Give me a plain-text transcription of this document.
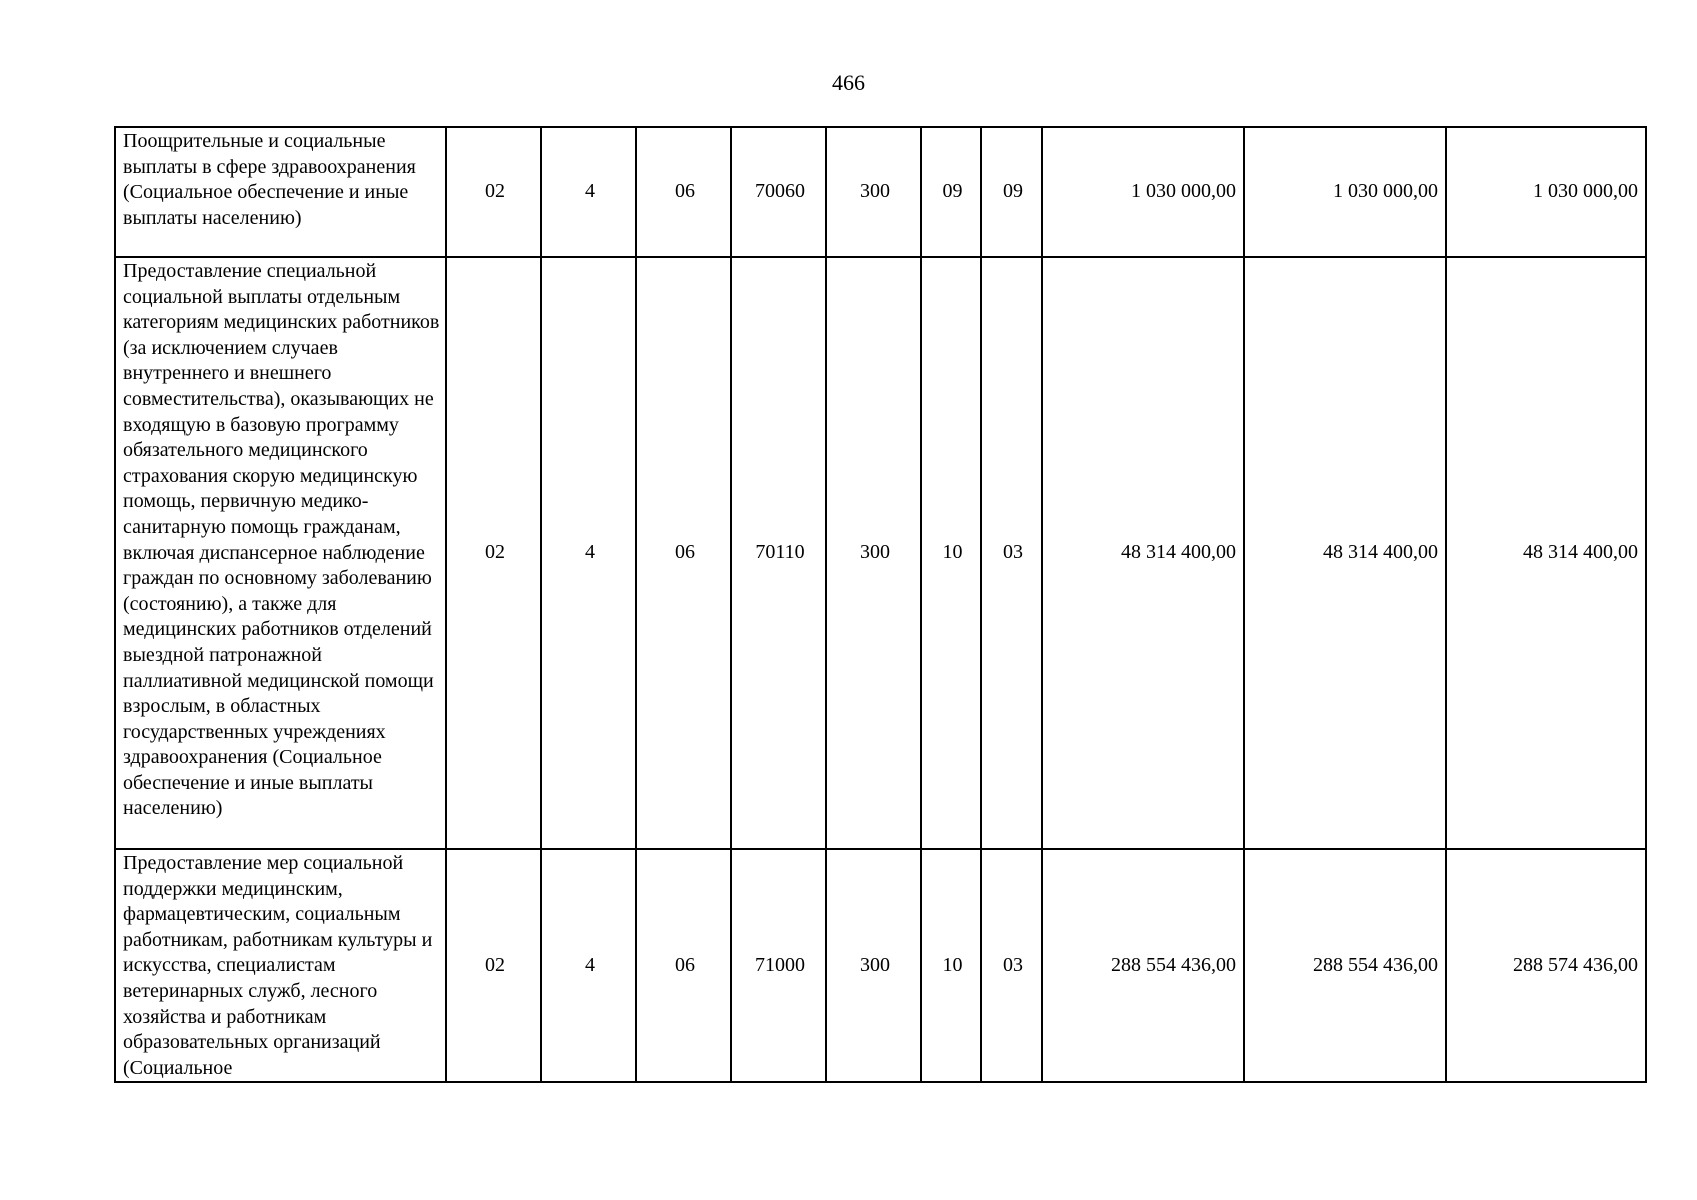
466
Поощрительные и социальные выплаты в сфере здравоохранения (Социальное обеспечение и иные выплаты населению)	02	4	06	70060	300	09	09	1 030 000,00	1 030 000,00	1 030 000,00
Предоставление специальной социальной выплаты отдельным категориям медицинских работников (за исключением случаев внутреннего и внешнего совместительства), оказывающих не входящую в базовую программу обязательного медицинского страхования скорую медицинскую помощь, первичную медико-санитарную помощь гражданам, включая диспансерное наблюдение граждан по основному заболеванию (состоянию), а также для медицинских работников отделений выездной патронажной паллиативной медицинской помощи взрослым, в областных государственных учреждениях здравоохранения (Социальное обеспечение и иные выплаты населению)	02	4	06	70110	300	10	03	48 314 400,00	48 314 400,00	48 314 400,00
Предоставление мер социальной поддержки медицинским, фармацевтическим, социальным работникам, работникам культуры и искусства, специалистам ветеринарных служб, лесного хозяйства и работникам образовательных организаций (Социальное	02	4	06	71000	300	10	03	288 554 436,00	288 554 436,00	288 574 436,00
